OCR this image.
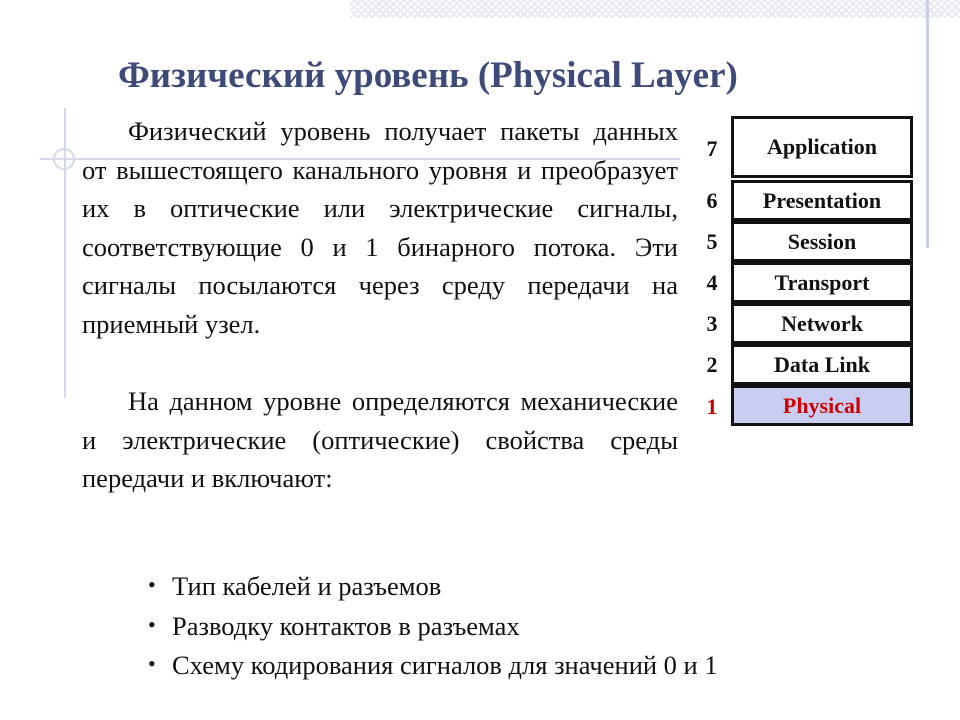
Физический уровень (Physical Layer)

Физический уровень получает пакеты данных от вышестоящего канального уровня и преобразует их в оптические или электрические сигналы, соответствующие 0 и 1 бинарного потока. Эти сигналы посылаются через среду передачи на приемный узел.

На данном уровне определяются механические и электрические (оптические) свойства среды передачи и включают:

• Тип кабелей и разъемов
• Разводку контактов в разъемах
• Схему кодирования сигналов для значений 0 и 1
7	Application
6	Presentation
5	Session
4	Transport
3	Network
2	Data Link
1	Physical
